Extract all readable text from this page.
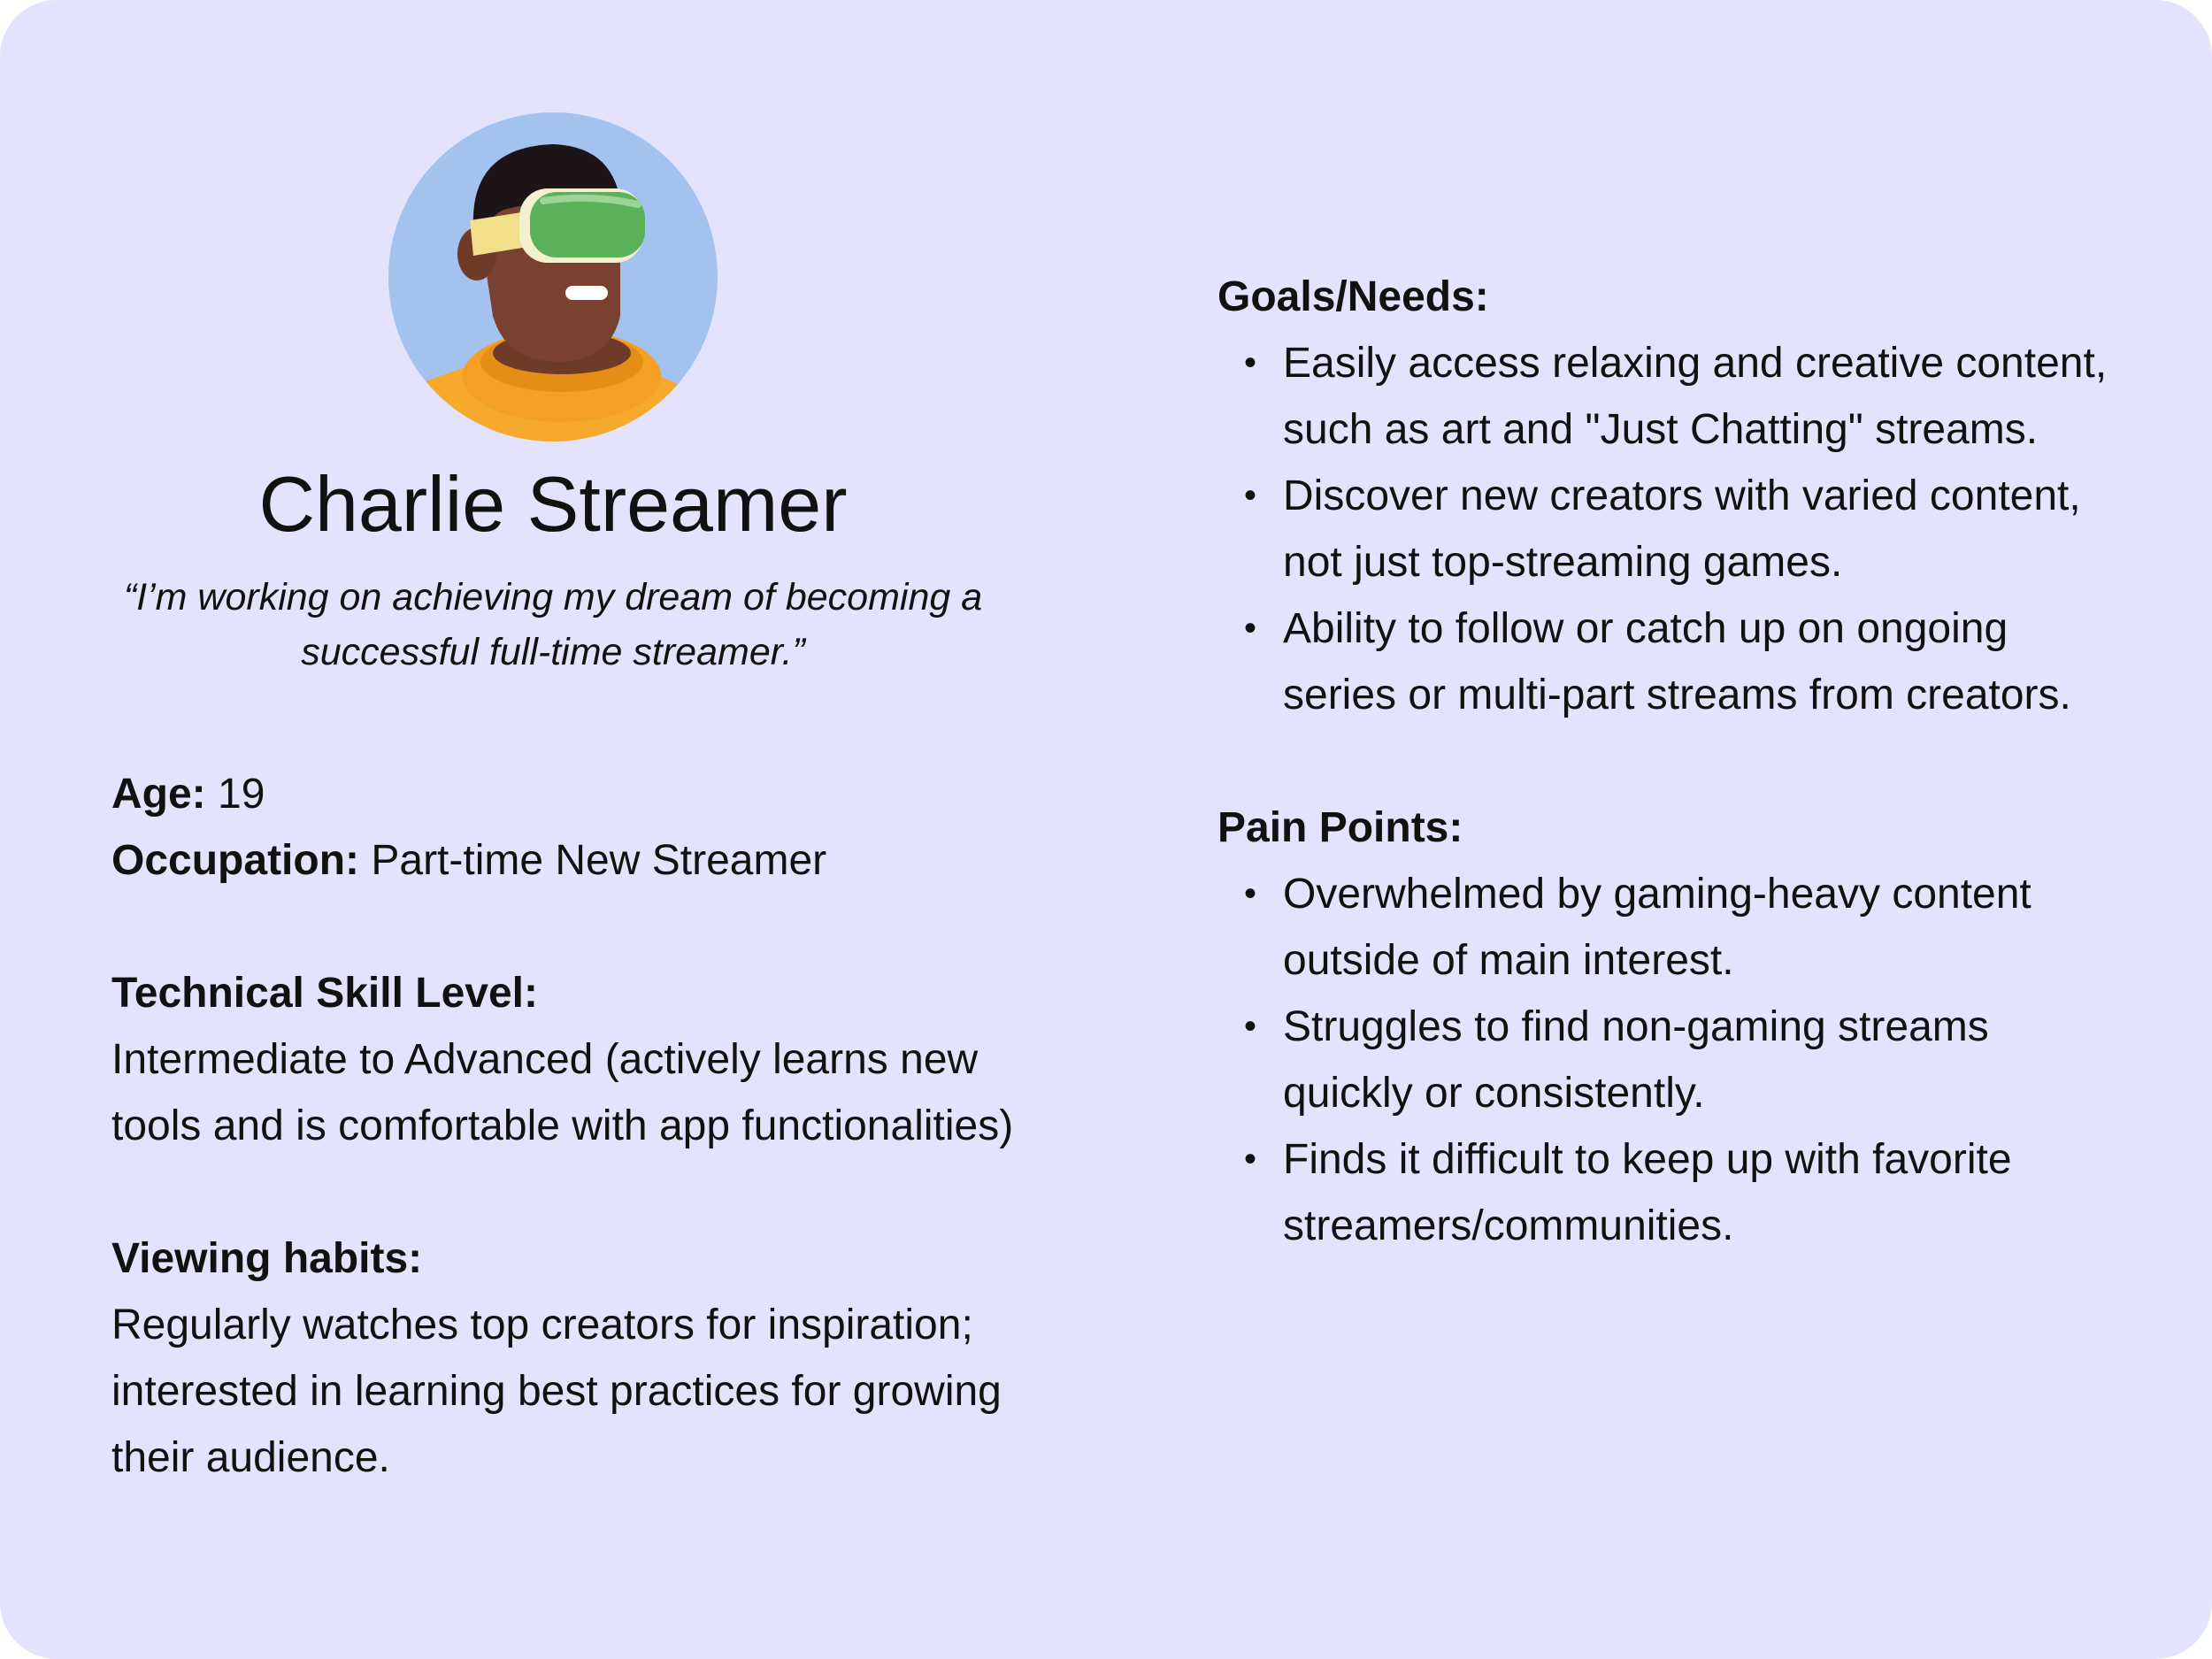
Charlie Streamer
“I’m working on achieving my dream of becoming a successful full-time streamer.”
Age: 19
Occupation: Part-time New Streamer
Technical Skill Level:
Intermediate to Advanced (actively learns new tools and is comfortable with app functionalities)
Viewing habits:
Regularly watches top creators for inspiration; interested in learning best practices for growing their audience.
Goals/Needs:
• Easily access relaxing and creative content, such as art and "Just Chatting" streams.
• Discover new creators with varied content, not just top-streaming games.
• Ability to follow or catch up on ongoing series or multi-part streams from creators.
Pain Points:
• Overwhelmed by gaming-heavy content outside of main interest.
• Struggles to find non-gaming streams quickly or consistently.
• Finds it difficult to keep up with favorite streamers/communities.
